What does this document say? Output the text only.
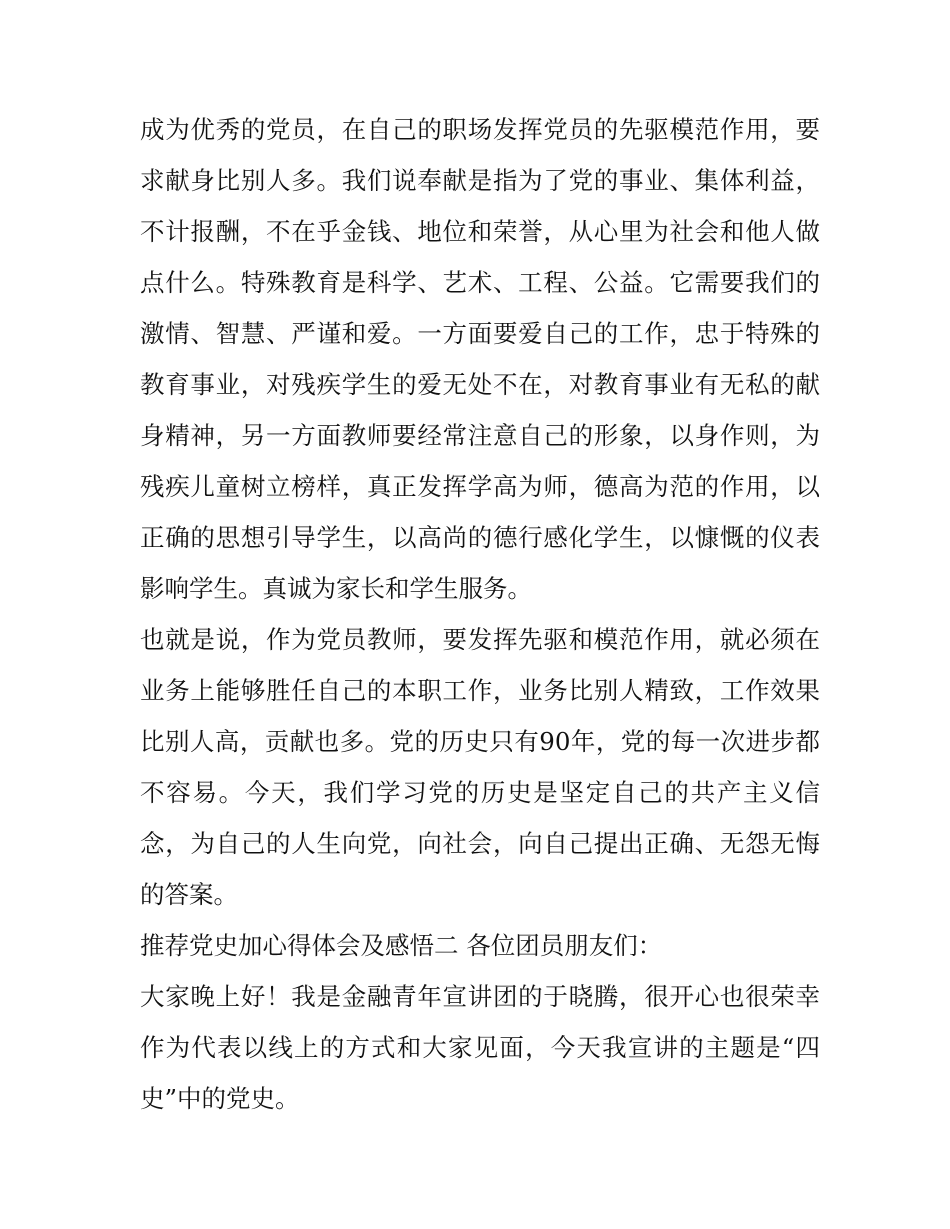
成为优秀的党员，在自己的职场发挥党员的先驱模范作用，要求献身比别人多。我们说奉献是指为了党的事业、集体利益，不计报酬，不在乎金钱、地位和荣誉，从心里为社会和他人做点什么。特殊教育是科学、艺术、工程、公益。它需要我们的激情、智慧、严谨和爱。一方面要爱自己的工作，忠于特殊的教育事业，对残疾学生的爱无处不在，对教育事业有无私的献身精神，另一方面教师要经常注意自己的形象，以身作则，为残疾儿童树立榜样，真正发挥学高为师，德高为范的作用，以正确的思想引导学生，以高尚的德行感化学生，以慷慨的仪表影响学生。真诚为家长和学生服务。

也就是说，作为党员教师，要发挥先驱和模范作用，就必须在业务上能够胜任自己的本职工作，业务比别人精致，工作效果比别人高，贡献也多。党的历史只有90年，党的每一次进步都不容易。今天，我们学习党的历史是坚定自己的共产主义信念，为自己的人生向党，向社会，向自己提出正确、无怨无悔的答案。

推荐党史加心得体会及感悟二 各位团员朋友们：

大家晚上好！我是金融青年宣讲团的于晓腾，很开心也很荣幸作为代表以线上的方式和大家见面，今天我宣讲的主题是“四史”中的党史。
